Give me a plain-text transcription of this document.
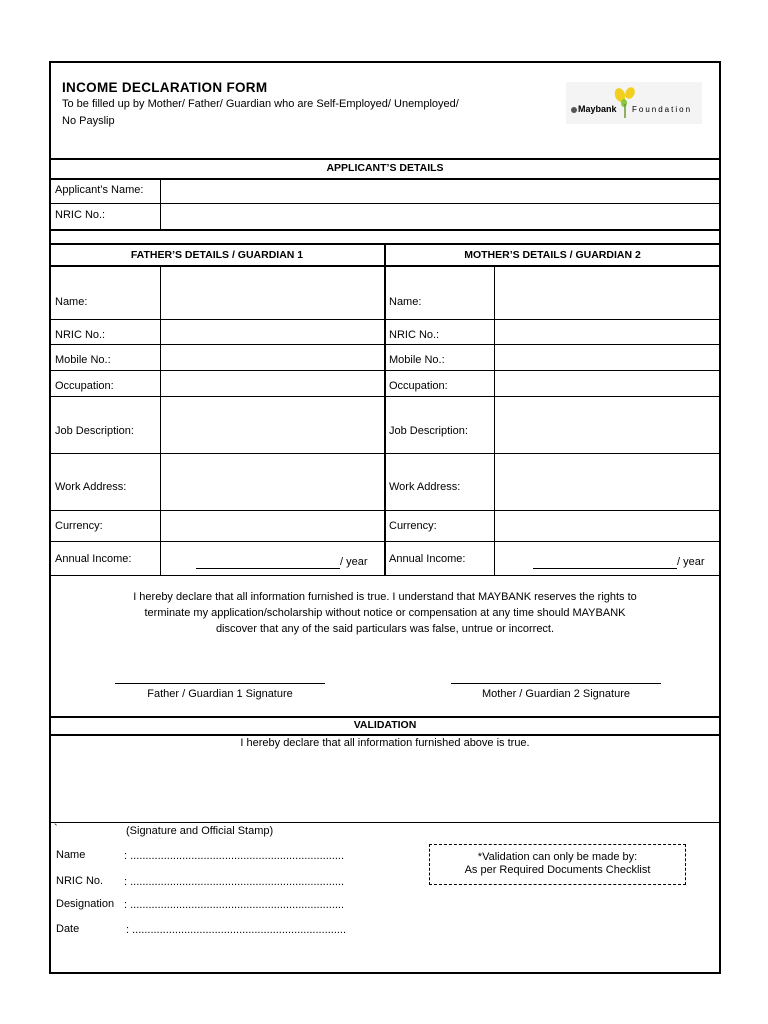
INCOME DECLARATION FORM
To be filled up by Mother/ Father/ Guardian who are Self-Employed/ Unemployed/
No Payslip
Maybank Foundation
APPLICANT’S DETAILS
Applicant’s Name:
NRIC No.:
FATHER’S DETAILS / GUARDIAN 1	MOTHER’S DETAILS / GUARDIAN 2
Name:
NRIC No.:
Mobile No.:
Occupation:
Job Description:
Work Address:
Currency:
Annual Income:	/ year
Name:
NRIC No.:
Mobile No.:
Occupation:
Job Description:
Work Address:
Currency:
Annual Income:	/ year
I hereby declare that all information furnished is true. I understand that MAYBANK reserves the rights to
terminate my application/scholarship without notice or compensation at any time should MAYBANK
discover that any of the said particulars was false, untrue or incorrect.
Father / Guardian 1 Signature	Mother / Guardian 2 Signature
VALIDATION
I hereby declare that all information furnished above is true.
`	(Signature and Official Stamp)
Name	: ......................................................................
NRIC No. : ......................................................................
Designation : ......................................................................
Date	: ......................................................................
*Validation can only be made by:
As per Required Documents Checklist
